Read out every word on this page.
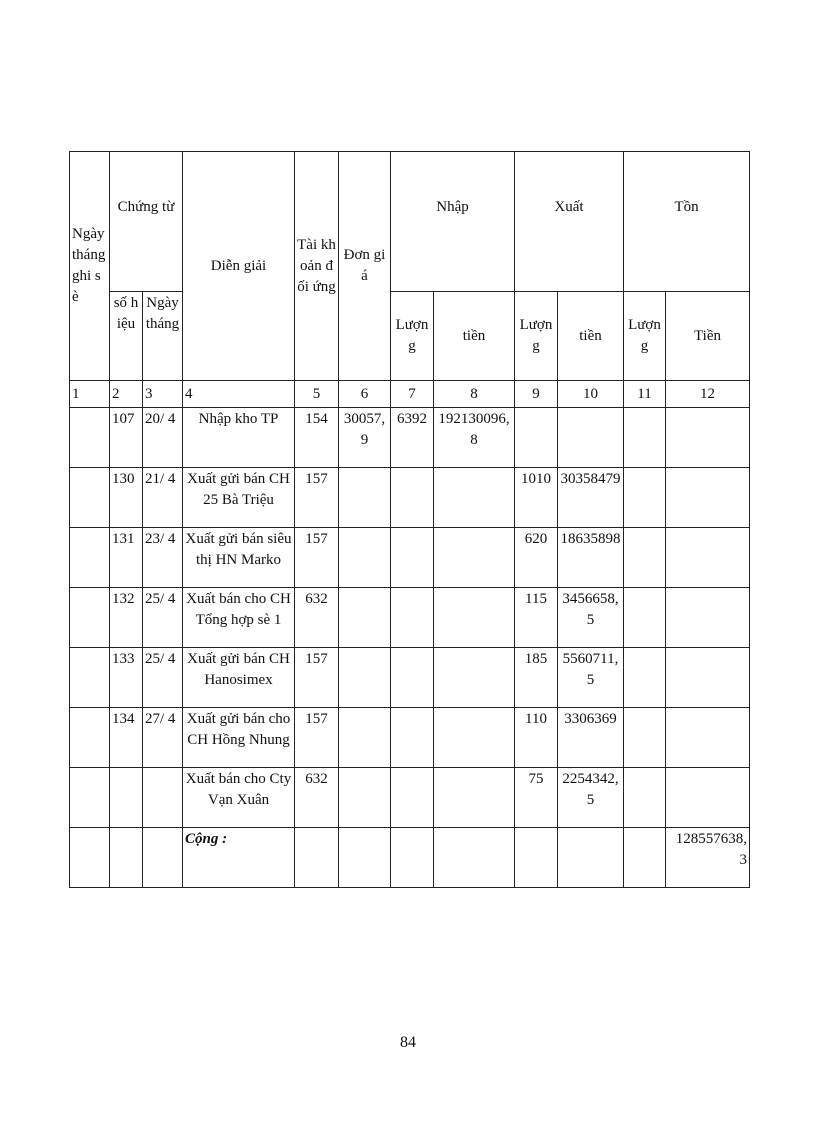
Ngày tháng ghi sè	Chứng từ		Diễn giải	Tài khoản đối ứng	Đơn giá	Nhập		Xuất		Tồn	
	số hiệu	Ngày tháng				Lượn g	tiền	Lượn g	tiền	Lượn g	Tiền
1	2	3	4	5	6	7	8	9	10	11	12
	107	20/ 4	Nhập kho TP	154	30057, 9	6392	192130096, 8				
	130	21/ 4	Xuất gửi bán CH 25 Bà Triệu	157				1010	30358479		
	131	23/ 4	Xuất gửi bán siêu thị HN Marko	157				620	18635898		
	132	25/ 4	Xuất bán cho CH Tổng hợp sè 1	632				115	3456658, 5		
	133	25/ 4	Xuất gửi bán CH Hanosimex	157				185	5560711, 5		
	134	27/ 4	Xuất gửi bán cho CH Hồng Nhung	157				110	3306369		
			Xuất bán cho Cty Vạn Xuân	632				75	2254342, 5		
			Cộng :								128557638, 3
84
